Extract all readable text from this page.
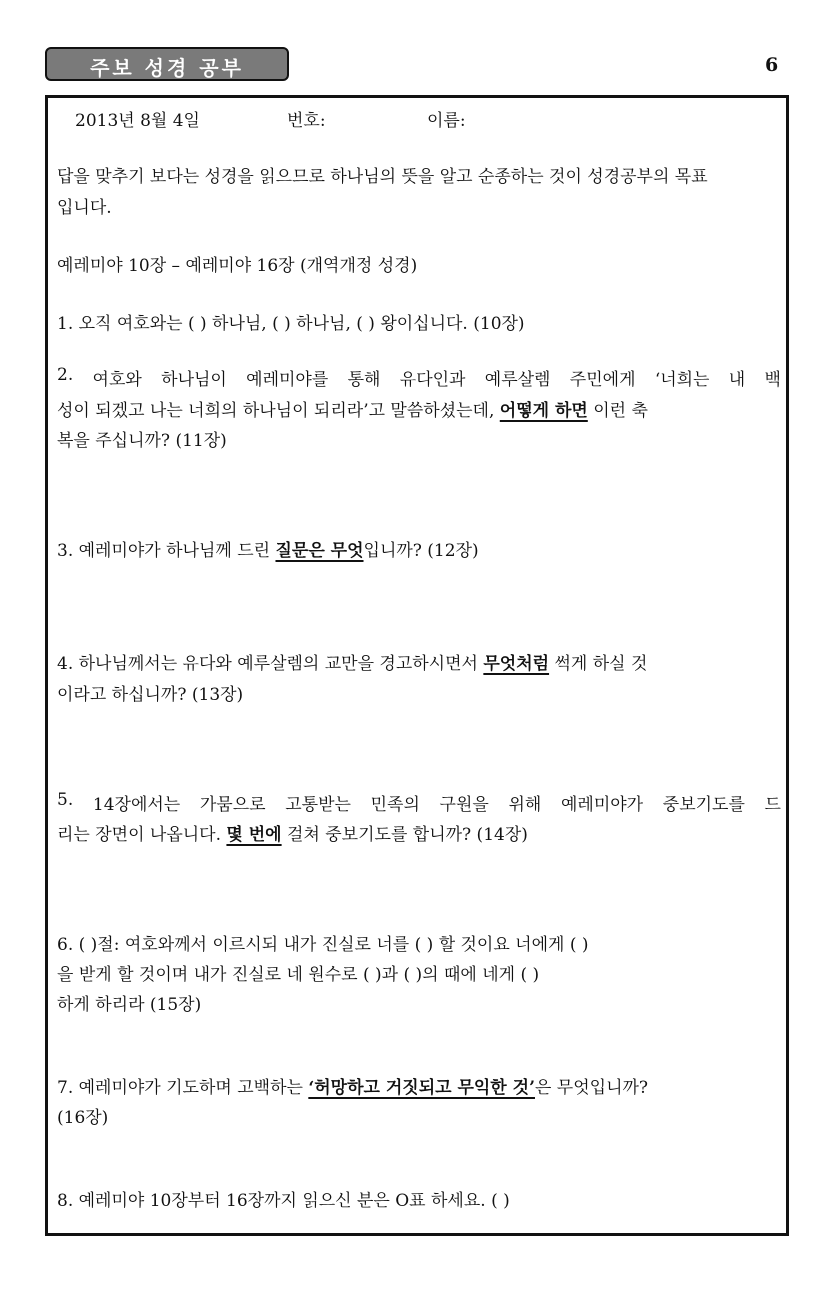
주보 성경 공부	6
2013년 8월 4일	번호:	이름:
답을 맞추기 보다는 성경을 읽으므로 하나님의 뜻을 알고 순종하는 것이 성경공부의 목표
입니다.
예레미야 10장 – 예레미야 16장 (개역개정 성경)
1. 오직 여호와는 ( ) 하나님, ( ) 하나님, ( ) 왕이십니다. (10장)
2. 여호와 하나님이 예레미야를 통해 유다인과 예루살렘 주민에게 ‘너희는 내 백
성이 되겠고 나는 너희의 하나님이 되리라’고 말씀하셨는데, 어떻게 하면 이런 축
복을 주십니까? (11장)
3. 예레미야가 하나님께 드린 질문은 무엇입니까? (12장)
4. 하나님께서는 유다와 예루살렘의 교만을 경고하시면서 무엇처럼 썩게 하실 것
이라고 하십니까? (13장)
5. 14장에서는 가뭄으로 고통받는 민족의 구원을 위해 예레미야가 중보기도를 드
리는 장면이 나옵니다. 몇 번에 걸쳐 중보기도를 합니까? (14장)
6. ( )절: 여호와께서 이르시되 내가 진실로 너를 ( ) 할 것이요 너에게 ( )
을 받게 할 것이며 내가 진실로 네 원수로 ( )과 ( )의 때에 네게 ( )
하게 하리라 (15장)
7. 예레미야가 기도하며 고백하는 ‘허망하고 거짓되고 무익한 것’은 무엇입니까?
(16장)
8. 예레미야 10장부터 16장까지 읽으신 분은 O표 하세요. ( )
